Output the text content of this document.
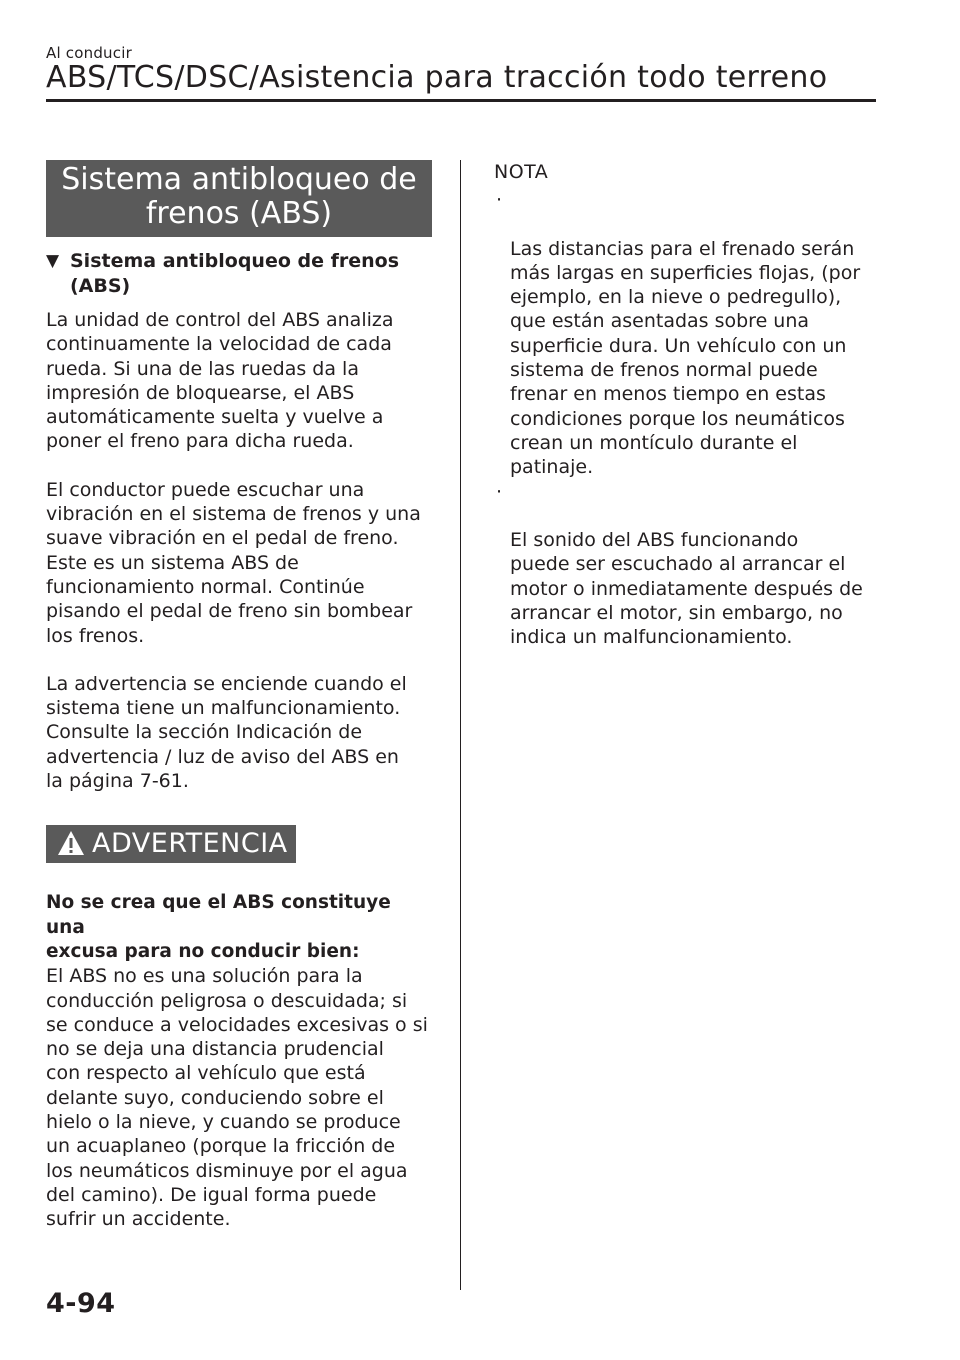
Al conducir
ABS/TCS/DSC/Asistencia para tracción todo terreno
Sistema antibloqueo de
frenos (ABS)
▼ Sistema antibloqueo de frenos
(ABS)

La unidad de control del ABS analiza
continuamente la velocidad de cada
rueda. Si una de las ruedas da la
impresión de bloquearse, el ABS
automáticamente suelta y vuelve a
poner el freno para dicha rueda.

El conductor puede escuchar una
vibración en el sistema de frenos y una
suave vibración en el pedal de freno.
Este es un sistema ABS de
funcionamiento normal. Continúe
pisando el pedal de freno sin bombear
los frenos.

La advertencia se enciende cuando el
sistema tiene un malfuncionamiento.
Consulte la sección Indicación de
advertencia / luz de aviso del ABS en
la página 7-61.

ADVERTENCIA
No se crea que el ABS constituye una
excusa para no conducir bien:

El ABS no es una solución para la
conducción peligrosa o descuidada; si
se conduce a velocidades excesivas o si
no se deja una distancia prudencial
con respecto al vehículo que está
delante suyo, conduciendo sobre el
hielo o la nieve, y cuando se produce
un acuaplaneo (porque la fricción de
los neumáticos disminuye por el agua
del camino). De igual forma puede
sufrir un accidente.

NOTA

·

Las distancias para el frenado serán
más largas en superficies flojas, (por
ejemplo, en la nieve o pedregullo),
que están asentadas sobre una
superficie dura. Un vehículo con un
sistema de frenos normal puede
frenar en menos tiempo en estas
condiciones porque los neumáticos
crean un montículo durante el
patinaje.

·

El sonido del ABS funcionando
puede ser escuchado al arrancar el
motor o inmediatamente después de
arrancar el motor, sin embargo, no
indica un malfuncionamiento.

4-94
